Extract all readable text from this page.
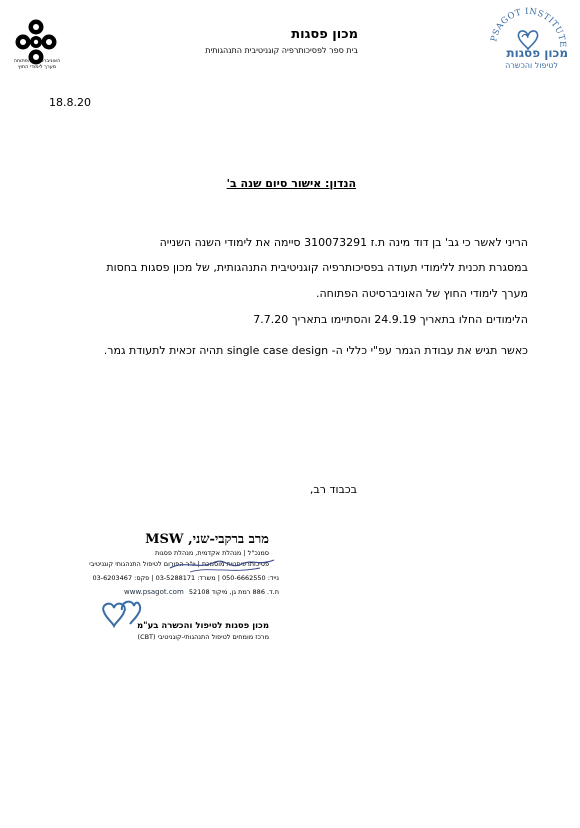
האוניברסיטה הפתוחה
מערך לימודי החוץ
מכון פסגות
בית ספר לפסיכותרפיה קוגניטיבית התנהגותית
PSAGOT INSTITUTE
מכון פסגות
לטיפול והכשרה
18.8.20
הנדון: אישור סיום שנה ב'
הריני לאשר כי גב' בן דוד מינה ת.ז 310073291 סיימה את לימודי השנה השנייה
במסגרת תכנית ללימודי תעודה בפסיכותרפיה קוגניטיבית התנהגותית, של מכון פסגות בחסות
מערך לימודי החוץ של האוניברסיטה הפתוחה.
הלימודים החלו בתאריך 24.9.19 והסתיימו בתאריך 7.7.20
כאשר תגיש את עבודת הגמר עפ"י כללי ה- single case design תהיה זכאית לתעודת גמר.
בכבוד רב,
מרב ברקבי-שני, MSW
סמנכ"ל | מנהלת אקדמית, מנהלת פסגות
פסיכותרפיסטית מוסמכת | יו"ר הפורום לטיפול התנהגותי קוגניטיבי
נייד: 050-6662550 | משרד: 03-5288171 | פקס: 03-6203467
www.psagot.com ת.ד. 886 רמת גן, מיקוד 52108
מכון פסגות לטיפול והכשרה בע"מ
מרכז מומחים לטיפול התנהגותי-קוגניטיבי (CBT)
